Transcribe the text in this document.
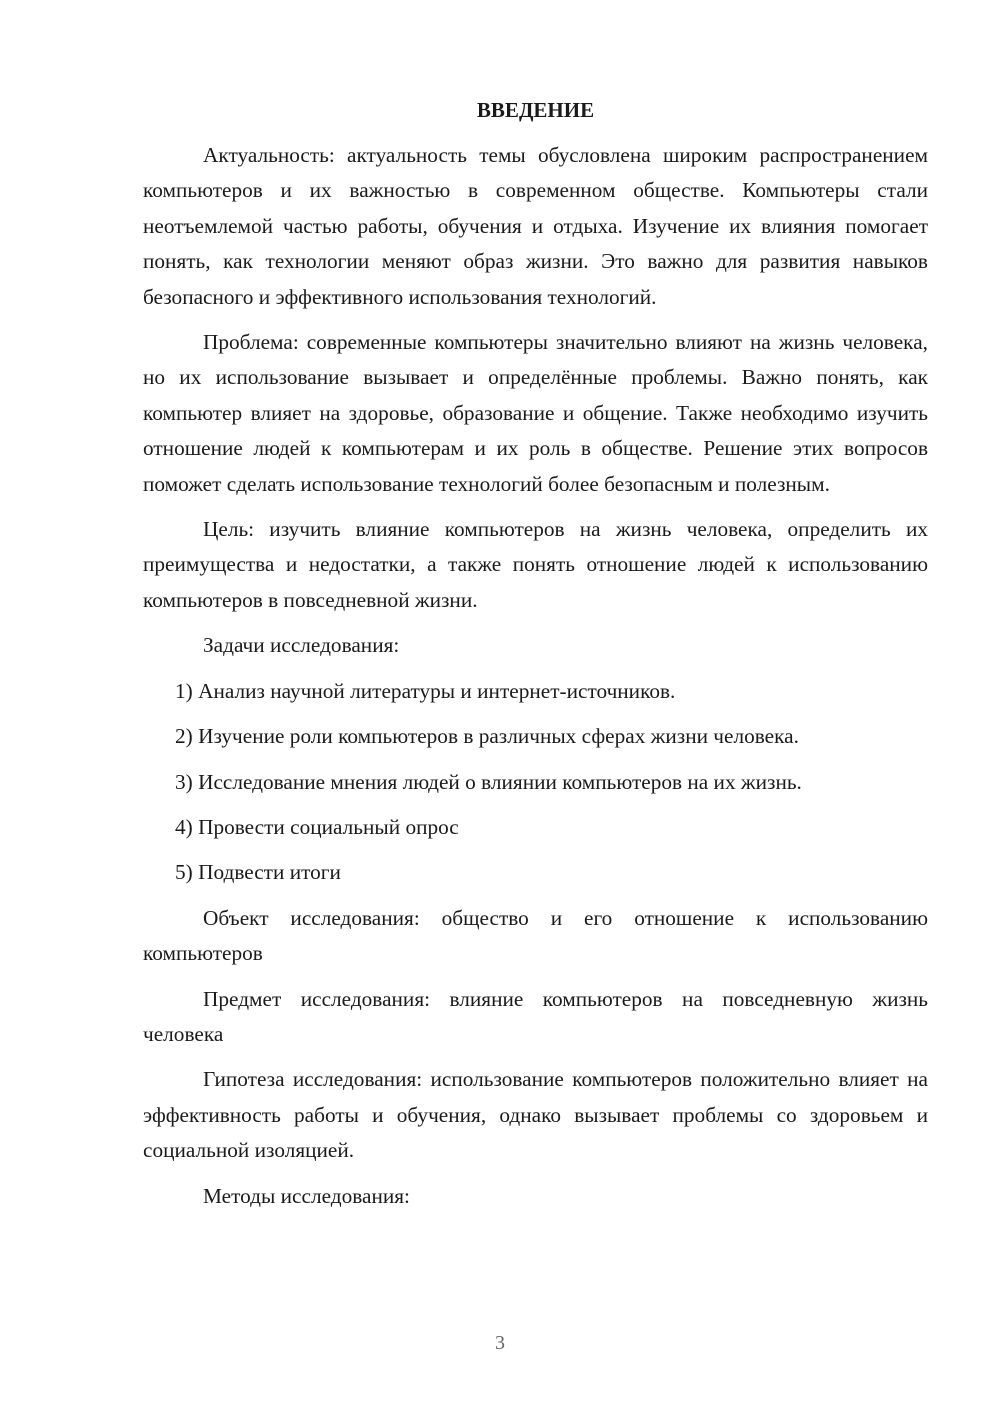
ВВЕДЕНИЕ

Актуальность: актуальность темы обусловлена широким распространением компьютеров и их важностью в современном обществе. Компьютеры стали неотъемлемой частью работы, обучения и отдыха. Изучение их влияния помогает понять, как технологии меняют образ жизни. Это важно для развития навыков безопасного и эффективного использования технологий.

Проблема: современные компьютеры значительно влияют на жизнь человека, но их использование вызывает и определённые проблемы. Важно понять, как компьютер влияет на здоровье, образование и общение. Также необходимо изучить отношение людей к компьютерам и их роль в обществе. Решение этих вопросов поможет сделать использование технологий более безопасным и полезным.

Цель: изучить влияние компьютеров на жизнь человека, определить их преимущества и недостатки, а также понять отношение людей к использованию компьютеров в повседневной жизни.

Задачи исследования:

1) Анализ научной литературы и интернет-источников.
2) Изучение роли компьютеров в различных сферах жизни человека.
3) Исследование мнения людей о влиянии компьютеров на их жизнь.
4) Провести социальный опрос
5) Подвести итоги

Объект исследования: общество и его отношение к использованию компьютеров

Предмет исследования: влияние компьютеров на повседневную жизнь человека

Гипотеза исследования: использование компьютеров положительно влияет на эффективность работы и обучения, однако вызывает проблемы со здоровьем и социальной изоляцией.

Методы исследования:

3
